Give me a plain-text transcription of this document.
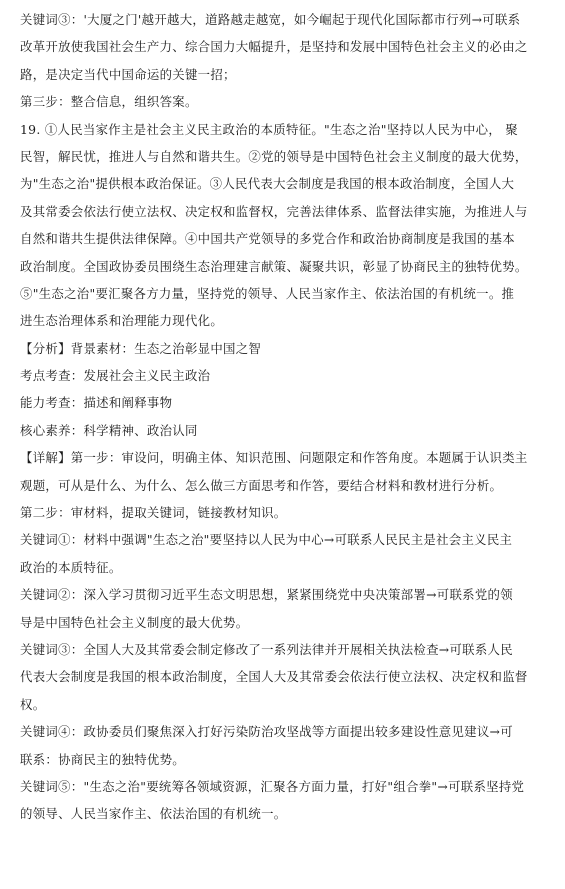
关键词③：'大厦之门'越开越大，道路越走越宽，如今崛起于现代化国际都市行列→可联系
改革开放使我国社会生产力、综合国力大幅提升，是坚持和发展中国特色社会主义的必由之
路，是决定当代中国命运的关键一招；
第三步：整合信息，组织答案。
19. ①人民当家作主是社会主义民主政治的本质特征。"生态之治"坚持以人民为中心， 聚
民智，解民忧，推进人与自然和谐共生。②党的领导是中国特色社会主义制度的最大优势，
为"生态之治"提供根本政治保证。③人民代表大会制度是我国的根本政治制度，全国人大
及其常委会依法行使立法权、决定权和监督权，完善法律体系、监督法律实施，为推进人与
自然和谐共生提供法律保障。④中国共产党领导的多党合作和政治协商制度是我国的基本
政治制度。全国政协委员围绕生态治理建言献策、凝聚共识，彰显了协商民主的独特优势。
⑤"生态之治"要汇聚各方力量，坚持党的领导、人民当家作主、依法治国的有机统一。推
进生态治理体系和治理能力现代化。
【分析】背景素材：生态之治彰显中国之智
考点考查：发展社会主义民主政治
能力考查：描述和阐释事物
核心素养：科学精神、政治认同
【详解】第一步：审设问，明确主体、知识范围、问题限定和作答角度。本题属于认识类主
观题，可从是什么、为什么、怎么做三方面思考和作答，要结合材料和教材进行分析。
第二步：审材料，提取关键词，链接教材知识。
关键词①：材料中强调"生态之治"要坚持以人民为中心→可联系人民民主是社会主义民主
政治的本质特征。
关键词②：深入学习贯彻习近平生态文明思想，紧紧围绕党中央决策部署→可联系党的领
导是中国特色社会主义制度的最大优势。
关键词③：全国人大及其常委会制定修改了一系列法律并开展相关执法检查→可联系人民
代表大会制度是我国的根本政治制度，全国人大及其常委会依法行使立法权、决定权和监督
权。
关键词④：政协委员们聚焦深入打好污染防治攻坚战等方面提出较多建设性意见建议→可
联系：协商民主的独特优势。
关键词⑤："生态之治"要统筹各领域资源，汇聚各方面力量，打好"组合拳"→可联系坚持党
的领导、人民当家作主、依法治国的有机统一。
